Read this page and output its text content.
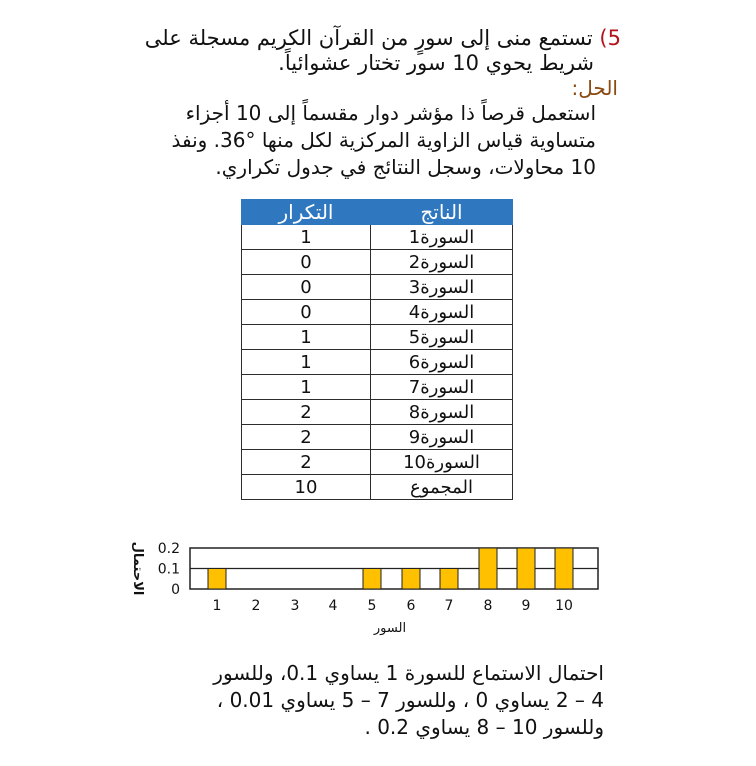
5) تستمع منى إلى سورٍ من القرآن الكريم مسجلة على
شريط يحوي 10 سور تختار عشوائياً.
الحل:
استعمل قرصاً ذا مؤشر دوار مقسماً إلى 10 أجزاء
متساوية قياس الزاوية المركزية لكل منها °36. ونفذ
10 محاولات، وسجل النتائج في جدول تكراري.
الناتج	التكرار
السورة1	1
السورة2	0
السورة3	0
السورة4	0
السورة5	1
السورة6	1
السورة7	1
السورة8	2
السورة9	2
السورة10	2
المجموع	10
0
0.1
0.2
الاحتمال
1 2 3 4 5 6 7 8 9 10
السور
احتمال الاستماع للسورة 1 يساوي 0.1، وللسور
4 – 2 يساوي 0 ، وللسور 7 – 5 يساوي 0.01 ،
وللسور 10 – 8 يساوي 0.2 .
